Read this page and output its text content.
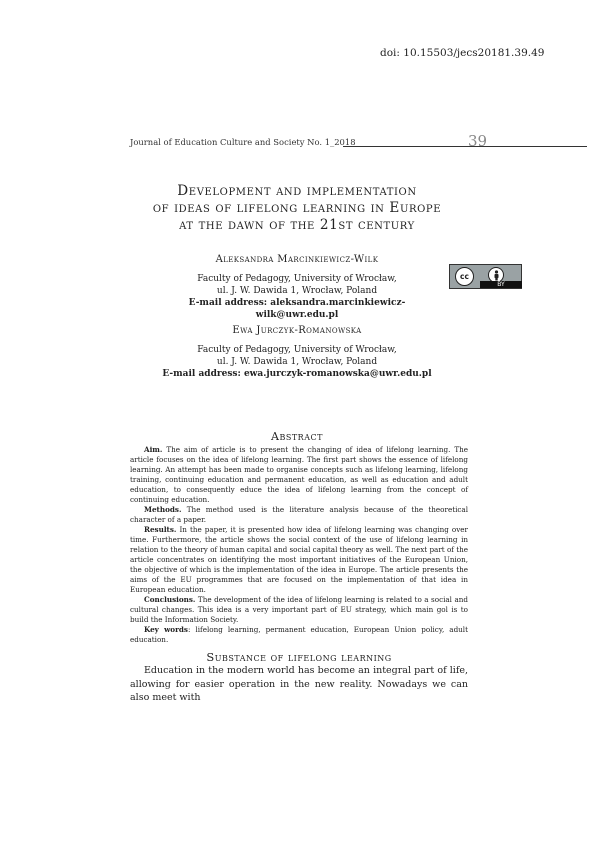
doi: 10.15503/jecs20181.39.49
Journal of Education Culture and Society No. 1_2018	39
Development and implementation
of ideas of lifelong learning in Europe
at the dawn of the 21st century
Aleksandra Marcinkiewicz-Wilk
Faculty of Pedagogy, University of Wrocław,
ul. J. W. Dawida 1, Wrocław, Poland
E-mail address: aleksandra.marcinkiewicz-wilk@uwr.edu.pl
cc
BY
Ewa Jurczyk-Romanowska
Faculty of Pedagogy, University of Wrocław,
ul. J. W. Dawida 1, Wrocław, Poland
E-mail address: ewa.jurczyk-romanowska@uwr.edu.pl
Abstract

Aim. The aim of article is to present the changing of idea of lifelong learning. The article focuses on the idea of lifelong learning. The first part shows the essence of lifelong learning. An attempt has been made to organise concepts such as lifelong learning, lifelong training, continuing education and permanent education, as well as education and adult education, to consequently educe the idea of lifelong learning from the concept of continuing education.

Methods. The method used is the literature analysis because of the theoretical character of a paper.

Results. In the paper, it is presented how idea of lifelong learning was changing over time. Furthermore, the article shows the social context of the use of lifelong learning in relation to the theory of human capital and social capital theory as well. The next part of the article concentrates on identifying the most important initiatives of the European Union, the objective of which is the implementation of the idea in Europe. The article presents the aims of the EU programmes that are focused on the implementation of that idea in European education.

Conclusions. The development of the idea of lifelong learning is related to a social and cultural changes. This idea is a very important part of EU strategy, which main gol is to build the Information Society.

Key words: lifelong learning, permanent education, European Union policy, adult education.

Substance of lifelong learning

Education in the modern world has become an integral part of life, allowing for easier operation in the new reality. Nowadays we can also meet with
